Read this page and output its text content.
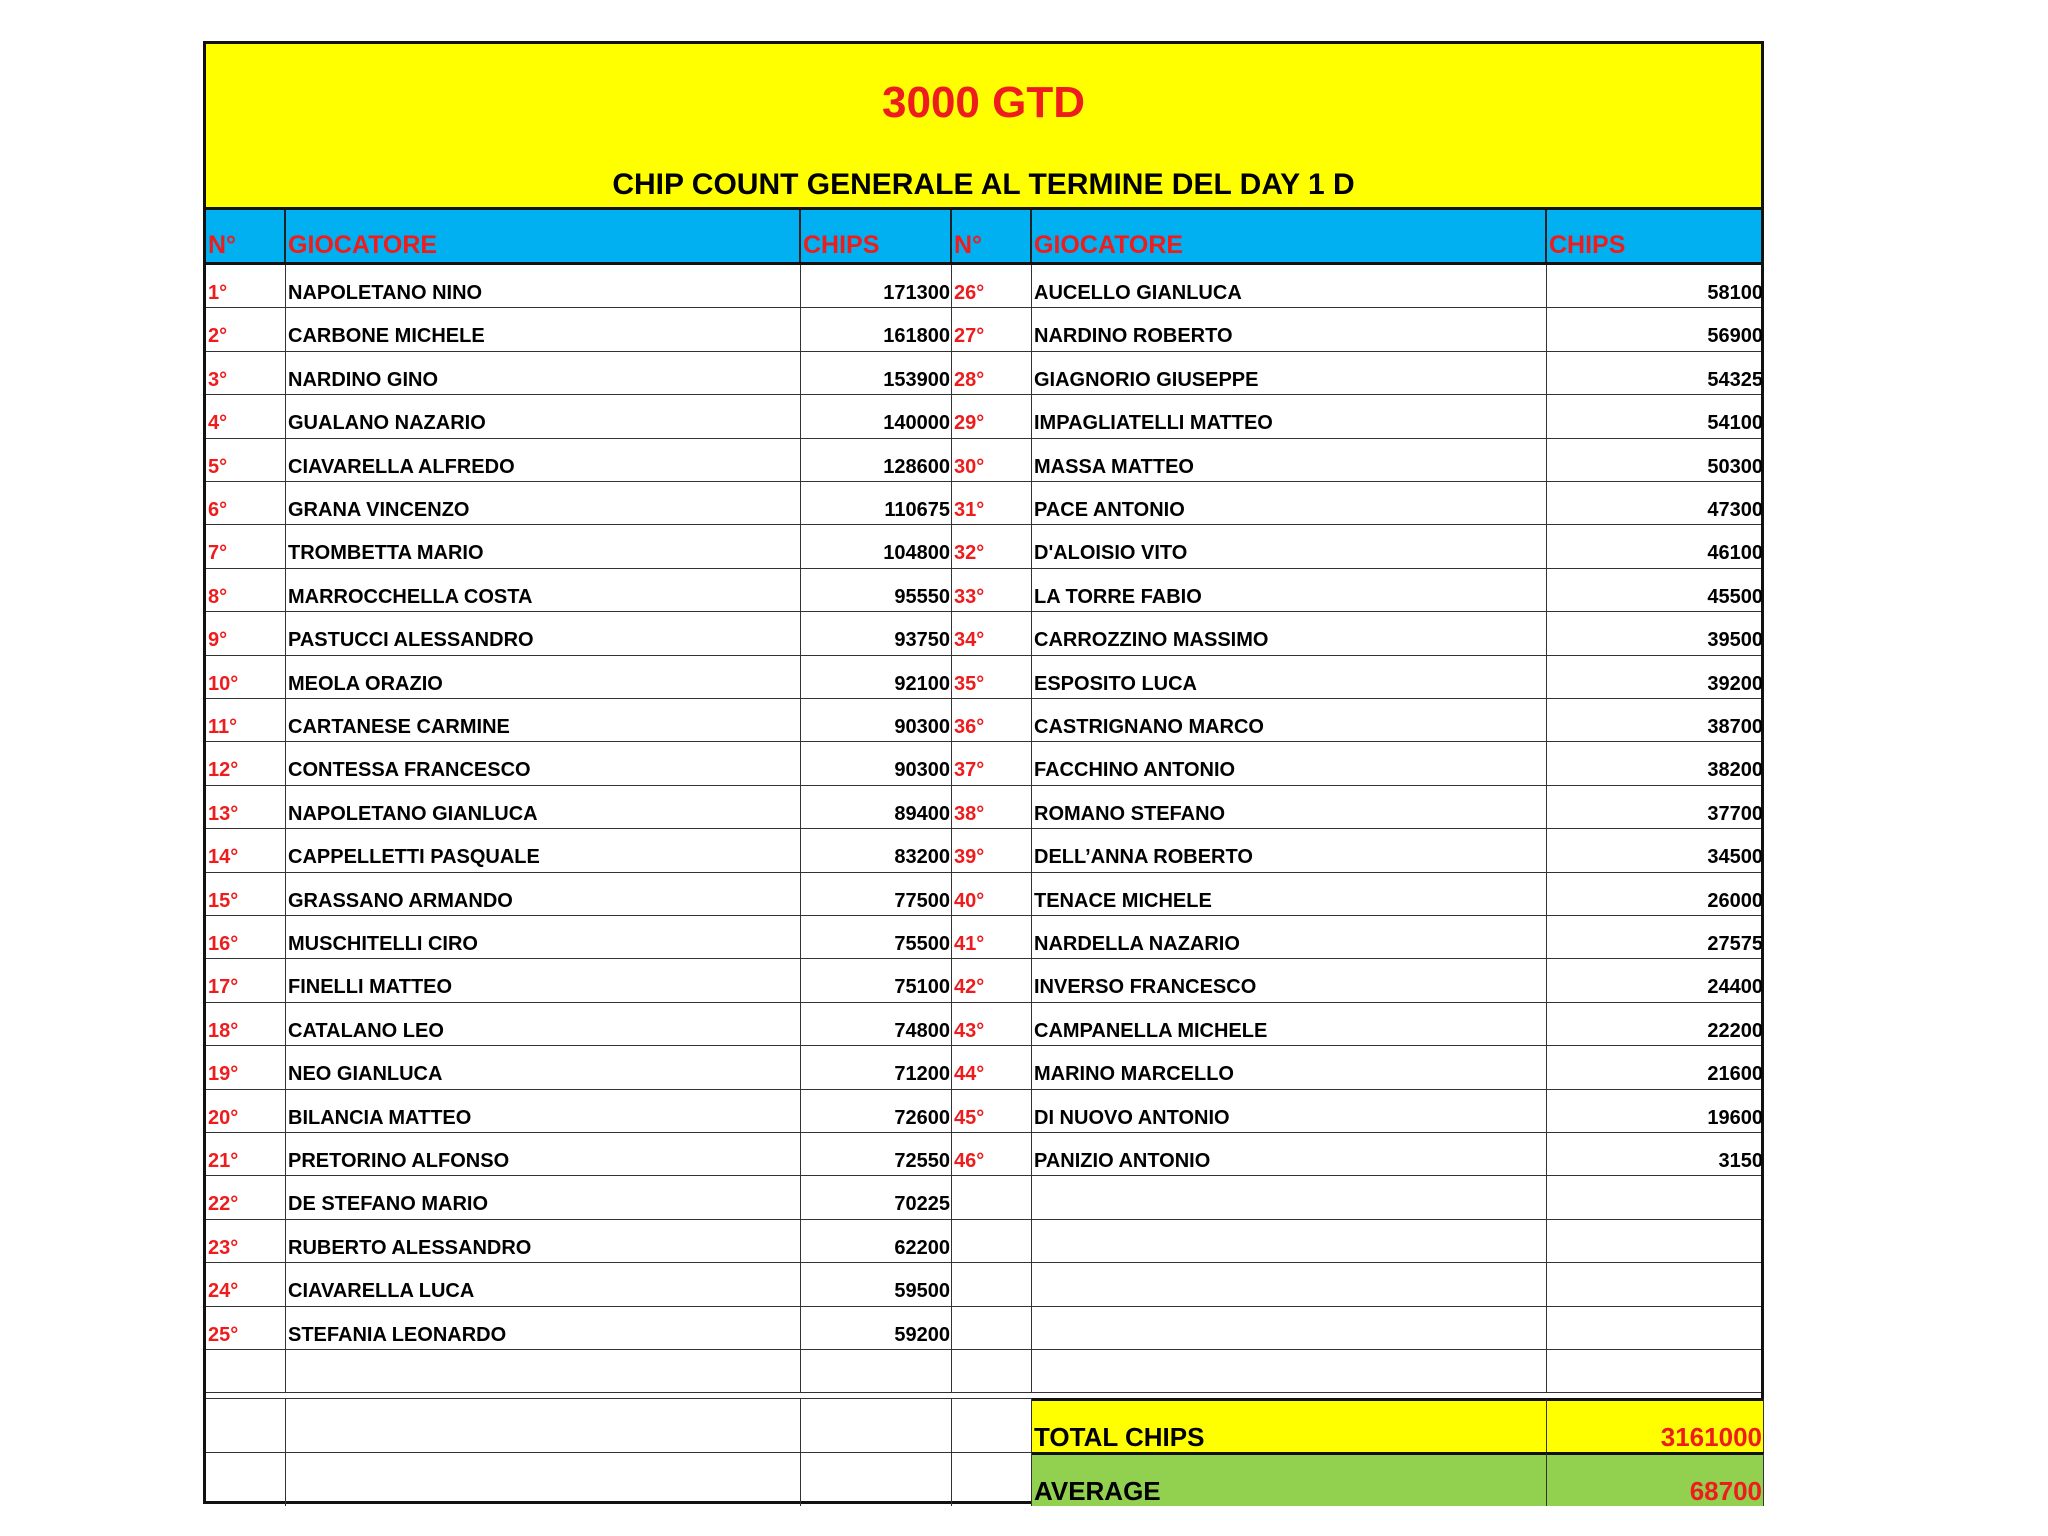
3000 GTD
CHIP COUNT GENERALE AL TERMINE DEL DAY 1 D
N°	GIOCATORE	CHIPS	N°	GIOCATORE	CHIPS
1°	NAPOLETANO NINO	171300 26°	AUCELLO GIANLUCA	58100
2°	CARBONE MICHELE	161800 27°	NARDINO ROBERTO	56900
3°	NARDINO GINO	153900 28°	GIAGNORIO GIUSEPPE	54325
4°	GUALANO NAZARIO	140000 29°	IMPAGLIATELLI MATTEO	54100
5°	CIAVARELLA ALFREDO	128600 30°	MASSA MATTEO	50300
6°	GRANA VINCENZO	110675 31°	PACE ANTONIO	47300
7°	TROMBETTA MARIO	104800 32°	D'ALOISIO VITO	46100
8°	MARROCCHELLA COSTA	95550 33°	LA TORRE FABIO	45500
9°	PASTUCCI ALESSANDRO	93750 34°	CARROZZINO MASSIMO	39500
10°	MEOLA ORAZIO	92100 35°	ESPOSITO LUCA	39200
11°	CARTANESE CARMINE	90300 36°	CASTRIGNANO MARCO	38700
12°	CONTESSA FRANCESCO	90300 37°	FACCHINO ANTONIO	38200
13°	NAPOLETANO GIANLUCA	89400 38°	ROMANO STEFANO	37700
14°	CAPPELLETTI PASQUALE	83200 39°	DELL’ANNA ROBERTO	34500
15°	GRASSANO ARMANDO	77500 40°	TENACE MICHELE	26000
16°	MUSCHITELLI CIRO	75500 41°	NARDELLA NAZARIO	27575
17°	FINELLI MATTEO	75100 42°	INVERSO FRANCESCO	24400
18°	CATALANO LEO	74800 43°	CAMPANELLA MICHELE	22200
19°	NEO GIANLUCA	71200 44°	MARINO MARCELLO	21600
20°	BILANCIA MATTEO	72600 45°	DI NUOVO ANTONIO	19600
21°	PRETORINO ALFONSO	72550 46°	PANIZIO ANTONIO	3150
22°	DE STEFANO MARIO	70225
23°	RUBERTO ALESSANDRO	62200
24°	CIAVARELLA LUCA	59500
25°	STEFANIA LEONARDO	59200
TOTAL CHIPS	3161000
AVERAGE	68700
